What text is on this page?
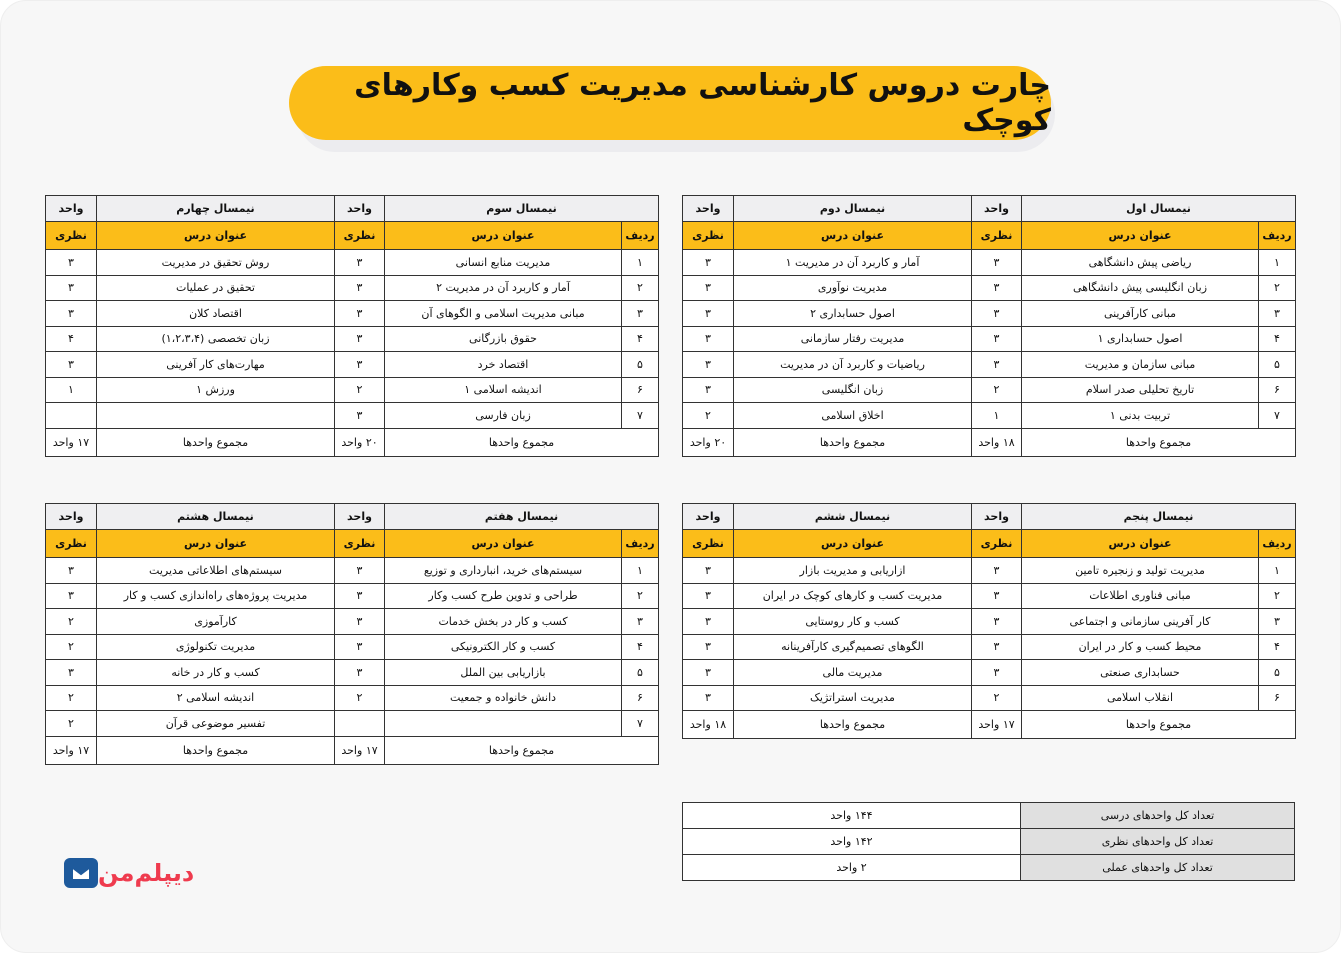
چارت دروس کارشناسی مدیریت کسب وکارهای کوچک
نیمسال اول		واحد	نیمسال دوم	واحد
ردیف	عنوان درس	نظری	عنوان درس	نظری
۱	ریاضی پیش دانشگاهی	۳	آمار و کاربرد آن در مدیریت ۱	۳
۲	زبان انگلیسی پیش دانشگاهی	۳	مدیریت نوآوری	۳
۳	مبانی کارآفرینی	۳	اصول حسابداری ۲	۳
۴	اصول حسابداری ۱	۳	مدیریت رفتار سازمانی	۳
۵	مبانی سازمان و مدیریت	۳	ریاضیات و کاربرد آن در مدیریت	۳
۶	تاریخ تحلیلی صدر اسلام	۲	زبان انگلیسی	۳
۷	تربیت بدنی ۱	۱	اخلاق اسلامی	۲
مجموع واحدها		۱۸ واحد	مجموع واحدها	۲۰ واحد
نیمسال سوم		واحد	نیمسال چهارم	واحد
ردیف	عنوان درس	نظری	عنوان درس	نظری
۱	مدیریت منابع انسانی	۳	روش تحقیق در مدیریت	۳
۲	آمار و کاربرد آن در مدیریت ۲	۳	تحقیق در عملیات	۳
۳	مبانی مدیریت اسلامی و الگوهای آن	۳	اقتصاد کلان	۳
۴	حقوق بازرگانی	۳	زبان تخصصی (۱،۲،۳،۴)	۴
۵	اقتصاد خرد	۳	مهارت‌های کار آفرینی	۳
۶	اندیشه اسلامی ۱	۲	ورزش ۱	۱
۷	زبان فارسی	۳		
مجموع واحدها		۲۰ واحد	مجموع واحدها	۱۷ واحد
نیمسال پنجم		واحد	نیمسال ششم	واحد
ردیف	عنوان درس	نظری	عنوان درس	نظری
۱	مدیریت تولید و زنجیره تامین	۳	ازاریابی و مدیریت بازار	۳
۲	مبانی فناوری اطلاعات	۳	مدیریت کسب و کارهای کوچک در ایران	۳
۳	کار آفرینی سازمانی و اجتماعی	۳	کسب و کار روستایی	۳
۴	محیط کسب و کار در ایران	۳	الگوهای تصمیم‌گیری کارآفرینانه	۳
۵	حسابداری صنعتی	۳	مدیریت مالی	۳
۶	انقلاب اسلامی	۲	مدیریت استراتژیک	۳
مجموع واحدها		۱۷ واحد	مجموع واحدها	۱۸ واحد
نیمسال هفتم		واحد	نیمسال هشتم	واحد
ردیف	عنوان درس	نظری	عنوان درس	نظری
۱	سیستم‌های خرید، انبارداری و توزیع	۳	سیستم‌های اطلاعاتی مدیریت	۳
۲	طراحی و تدوین طرح کسب وکار	۳	مدیریت پروژه‌های راه‌اندازی کسب و کار	۳
۳	کسب و کار در بخش خدمات	۳	کارآموزی	۲
۴	کسب و کار الکترونیکی	۳	مدیریت تکنولوژی	۲
۵	بازاریابی بین الملل	۳	کسب و کار در خانه	۳
۶	دانش خانواده و جمعیت	۲	اندیشه اسلامی ۲	۲
۷			تفسیر موضوعی قرآن	۲
مجموع واحدها		۱۷ واحد	مجموع واحدها	۱۷ واحد
تعداد کل واحدهای درسی	۱۴۴ واحد
تعداد کل واحدهای نظری	۱۴۲ واحد
تعداد کل واحدهای عملی	۲ واحد
دیپلم‌من
